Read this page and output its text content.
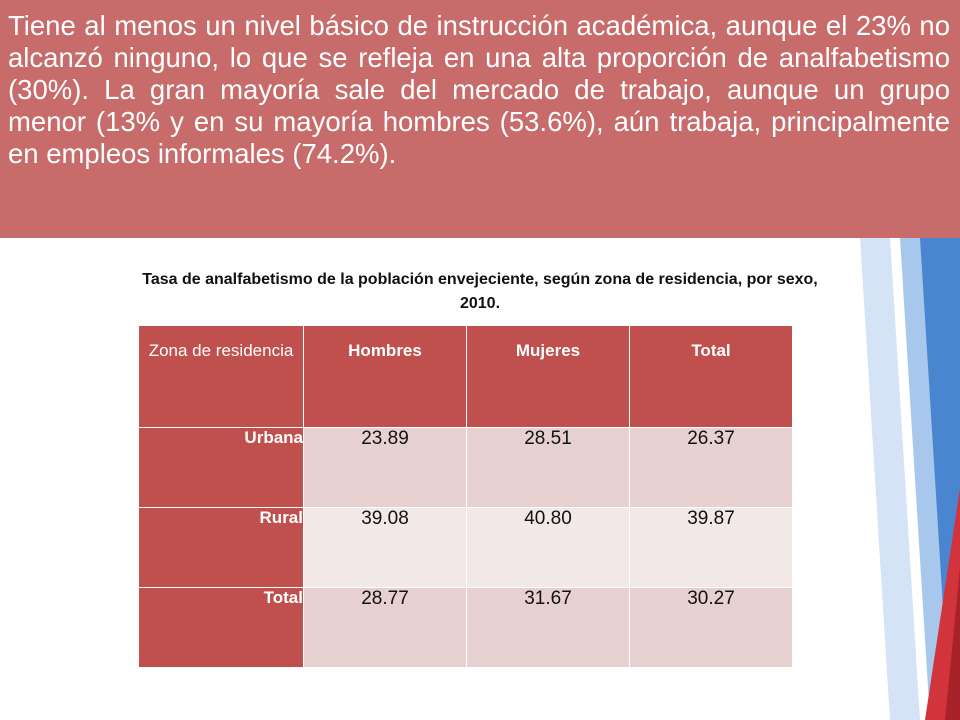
Tiene al menos un nivel básico de instrucción académica, aunque el 23% no alcanzó ninguno, lo que se refleja en una alta proporción de analfabetismo (30%). La gran mayoría sale del mercado de trabajo, aunque un grupo menor (13% y en su mayoría hombres (53.6%), aún trabaja, principalmente en empleos informales (74.2%).

Tasa de analfabetismo de la población envejeciente, según zona de residencia, por sexo, 2010.
Zona de residencia	Hombres	Mujeres	Total
Urbana	23.89	28.51	26.37
Rural	39.08	40.80	39.87
Total	28.77	31.67	30.27
